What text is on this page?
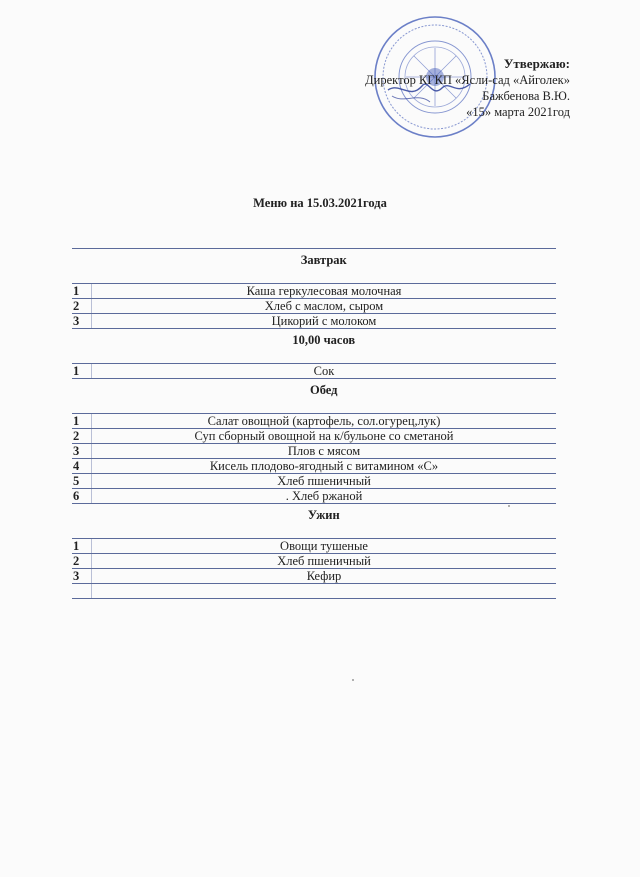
Утвержаю:
Директор КГКП «Ясли-сад «Айголек»
Бажбенова В.Ю.
«15» марта 2021год
Меню на 15.03.2021года
	Завтрак
1	Каша геркулесовая молочная
2	Хлеб с маслом, сыром
3	Цикорий с молоком
	10,00 часов
1	Сок
	Обед
1	Салат овощной (картофель, сол.огурец,лук)
2	Суп сборный овощной на к/бульоне со сметаной
3	Плов с мясом
4	Кисель плодово-ягодный с витамином «С»
5	Хлеб пшеничный
6	. Хлеб ржаной
	Ужин
1	Овощи тушеные
2	Хлеб пшеничный
3	Кефир
